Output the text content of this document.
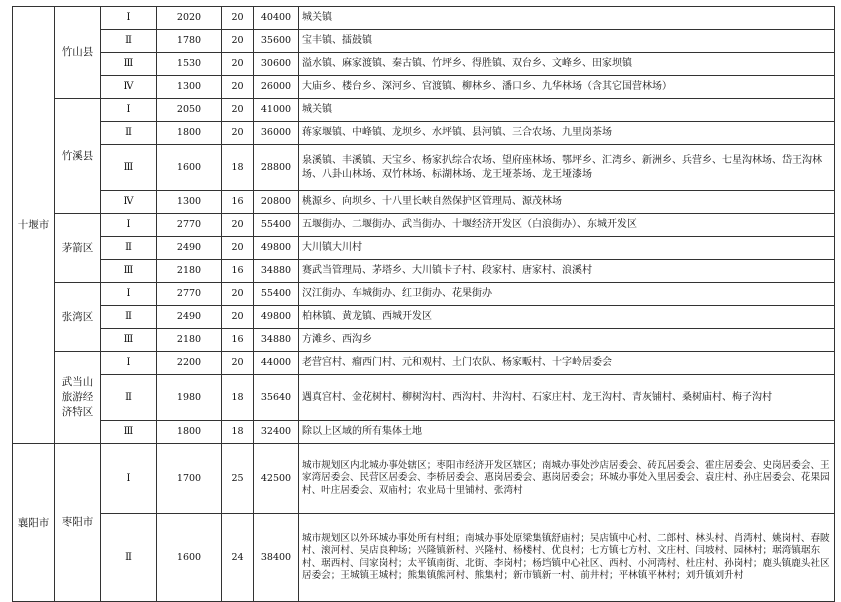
十堰市	竹山县	Ⅰ	2020	20	40400	城关镇
		Ⅱ	1780	20	35600	宝丰镇、擂鼓镇
		Ⅲ	1530	20	30600	溢水镇、麻家渡镇、秦古镇、竹坪乡、得胜镇、双台乡、文峰乡、田家坝镇
		Ⅳ	1300	20	26000	大庙乡、楼台乡、深河乡、官渡镇、柳林乡、潘口乡、九华林场（含其它国营林场）
	竹溪县	Ⅰ	2050	20	41000	城关镇
		Ⅱ	1800	20	36000	蒋家堰镇、中峰镇、龙坝乡、水坪镇、县河镇、三合农场、九里岗茶场
		Ⅲ	1600	18	28800	泉溪镇、丰溪镇、天宝乡、杨家扒综合农场、望府座林场、鄂坪乡、汇湾乡、新洲乡、兵营乡、七星沟林场、岱王沟林场、八卦山林场、双竹林场、标湖林场、龙王垭茶场、龙王垭漆场
		Ⅳ	1300	16	20800	桃源乡、向坝乡、十八里长峡自然保护区管理局、源茂林场
	茅箭区	Ⅰ	2770	20	55400	五堰街办、二堰街办、武当街办、十堰经济开发区（白浪街办）、东城开发区
		Ⅱ	2490	20	49800	大川镇大川村
		Ⅲ	2180	16	34880	赛武当管理局、茅塔乡、大川镇卡子村、段家村、唐家村、浪溪村
	张湾区	Ⅰ	2770	20	55400	汉江街办、车城街办、红卫街办、花果街办
		Ⅱ	2490	20	49800	柏林镇、黄龙镇、西城开发区
		Ⅲ	2180	16	34880	方滩乡、西沟乡
	武当山旅游经济特区	Ⅰ	2200	20	44000	老营宫村、瘤西门村、元和观村、土门农队、杨家畈村、十字岭居委会
		Ⅱ	1980	18	35640	遇真宫村、金花树村、柳树沟村、西沟村、井沟村、石家庄村、龙王沟村、青灰铺村、桑树庙村、梅子沟村
		Ⅲ	1800	18	32400	除以上区域的所有集体土地
襄阳市	枣阳市	Ⅰ	1700	25	42500	城市规划区内北城办事处辖区；枣阳市经济开发区辖区；南城办事处沙店居委会、砖瓦居委会、霍庄居委会、史岗居委会、王家湾居委会、民营区居委会、李桥居委会、惠岗居委会、惠岗居委会；环城办事处入里居委会、袁庄村、孙庄居委会、花果园村、叶庄居委会、双庙村；农业局十里铺村、张湾村
		Ⅱ	1600	24	38400	城市规划区以外环城办事处所有村组；南城办事处原梁集镇舒庙村；吴店镇中心村、二郎村、林头村、肖湾村、姚岗村、春陂村、滚河村、吴店良种场；兴隆镇新村、兴隆村、杨楼村、优良村；七方镇七方村、文庄村、闫坡村、园林村；琚湾镇琚东村、琚西村、闫家岗村；太平镇南街、北街、李岗村；杨垱镇中心社区、西村、小河湾村、杜庄村、孙岗村；鹿头镇鹿头社区居委会；王城镇王城村；熊集镇熊河村、熊集村；新市镇新一村、前井村；平林镇平林村；刘升镇刘升村
